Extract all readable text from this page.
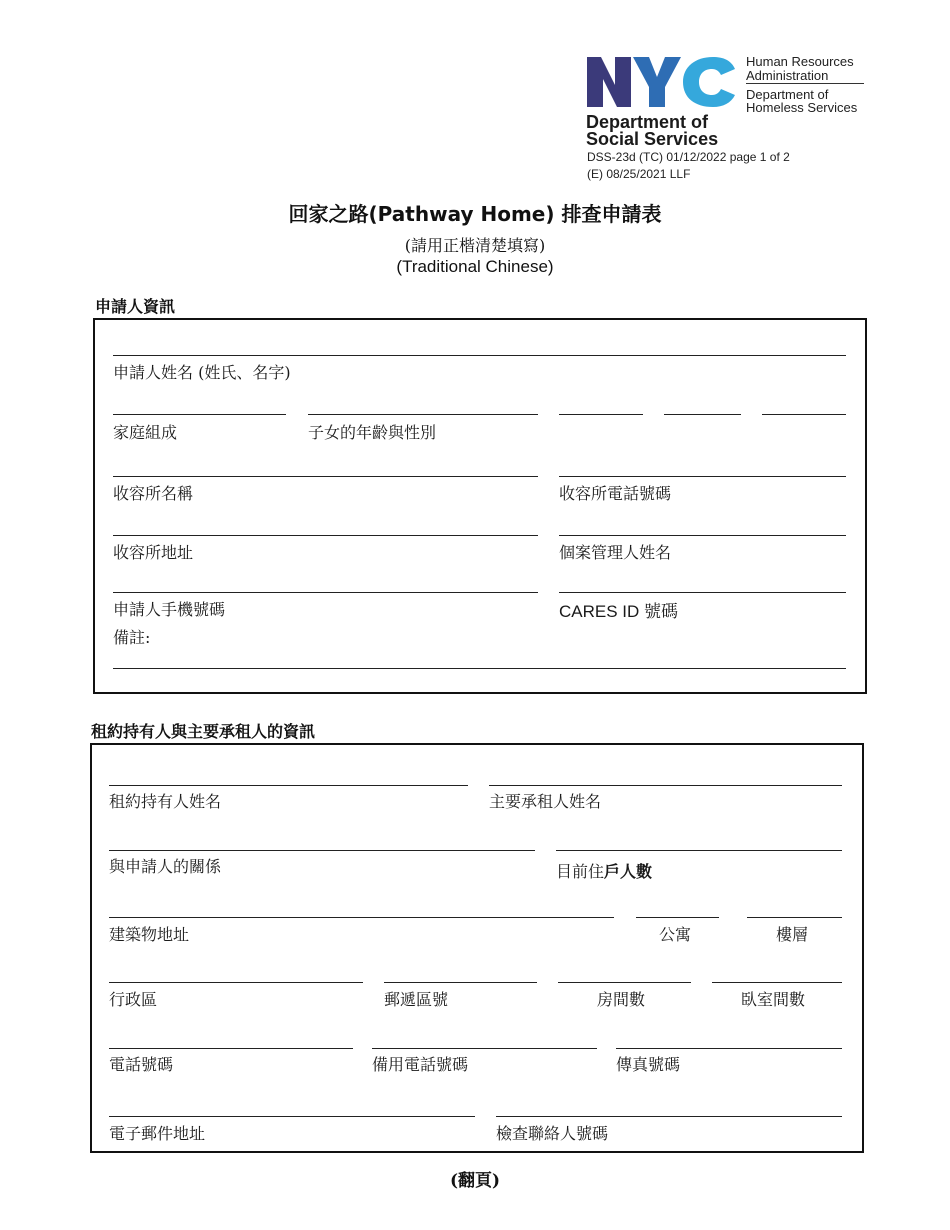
Human Resources
Administration
Department of
Homeless Services
Department of
Social Services
DSS-23d (TC) 01/12/2022 page 1 of 2
(E) 08/25/2021 LLF
回家之路(Pathway Home) 排查申請表
(請用正楷清楚填寫)
(Traditional Chinese)
申請人資訊
申請人姓名 (姓氏、名字)
家庭組成	子女的年齡與性別
收容所名稱	收容所電話號碼
收容所地址	個案管理人姓名
申請人手機號碼	CARES ID 號碼
備註:
租約持有人與主要承租人的資訊
租約持有人姓名	主要承租人姓名
與申請人的關係	目前住戶人數
建築物地址	公寓	樓層
行政區	郵遞區號	房間數	臥室間數
電話號碼	備用電話號碼	傳真號碼
電子郵件地址	檢查聯絡人號碼
(翻頁)
